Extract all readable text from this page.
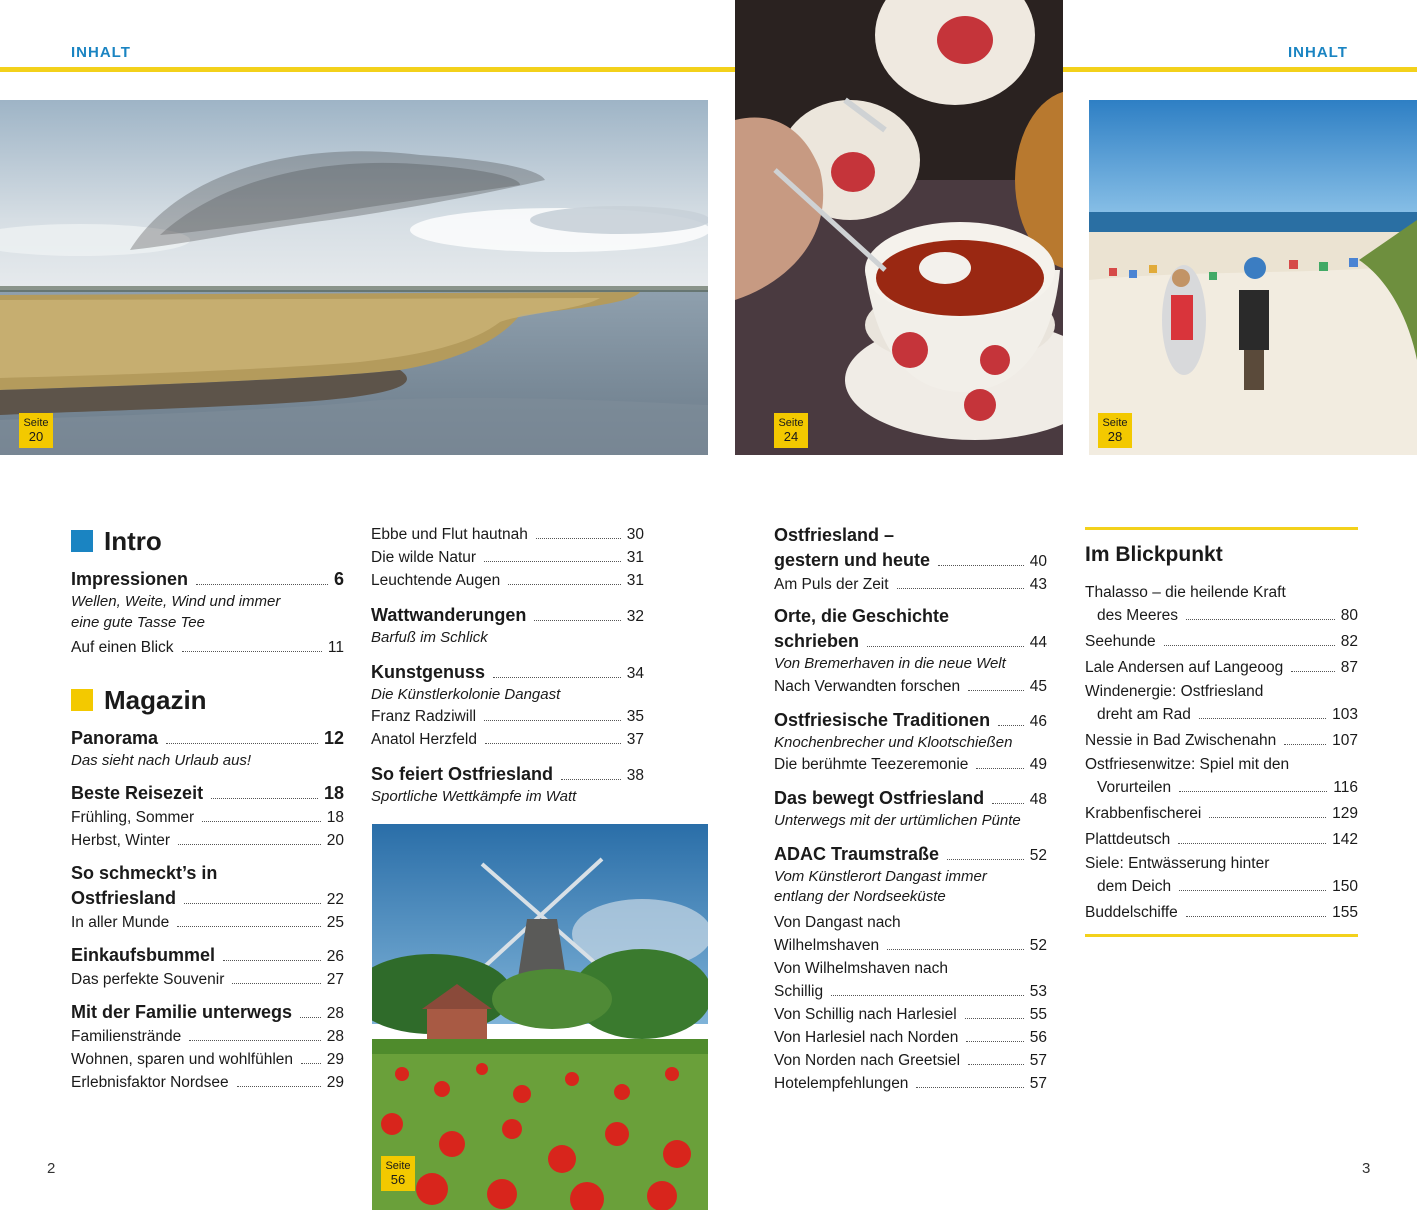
INHALT	INHALT
Seite
20
Seite
24
Seite
28
Seite
56
Intro
Impressionen	6
Wellen, Weite, Wind und immer
eine gute Tasse Tee
Auf einen Blick	11
Magazin
Panorama	12
Das sieht nach Urlaub aus!
Beste Reisezeit	18
Frühling, Sommer	18
Herbst, Winter	20
So schmeckt’s in
Ostfriesland	22
In aller Munde	25
Einkaufsbummel	26
Das perfekte Souvenir	27
Mit der Familie unterwegs 28
Familienstrände	28
Wohnen, sparen und wohlfühlen 29
Erlebnisfaktor Nordsee	29
Ebbe und Flut hautnah	30
Die wilde Natur	31
Leuchtende Augen	31
Wattwanderungen	32
Barfuß im Schlick
Kunstgenuss	34
Die Künstlerkolonie Dangast
Franz Radziwill	35
Anatol Herzfeld	37
So feiert Ostfriesland	38
Sportliche Wettkämpfe im Watt
Ostfriesland –
gestern und heute	40
Am Puls der Zeit	43
Orte, die Geschichte
schrieben	44
Von Bremerhaven in die neue Welt
Nach Verwandten forschen	45
Ostfriesische Traditionen	46
Knochenbrecher und Klootschießen
Die berühmte Teezeremonie	49
Das bewegt Ostfriesland	48
Unterwegs mit der urtümlichen Pünte
ADAC Traumstraße	52
Vom Künstlerort Dangast immer
entlang der Nordseeküste
Von Dangast nach
Wilhelmshaven	52
Von Wilhelmshaven nach
Schillig	53
Von Schillig nach Harlesiel	55
Von Harlesiel nach Norden	56
Von Norden nach Greetsiel	57
Hotelempfehlungen	57
Im Blickpunkt
Thalasso – die heilende Kraft
des Meeres	80
Seehunde	82
Lale Andersen auf Langeoog	87
Windenergie: Ostfriesland
dreht am Rad	103
Nessie in Bad Zwischenahn	107
Ostfriesenwitze: Spiel mit den
Vorurteilen	116
Krabbenfischerei	129
Plattdeutsch	142
Siele: Entwässerung hinter
dem Deich	150
Buddelschiffe	155
2	3
